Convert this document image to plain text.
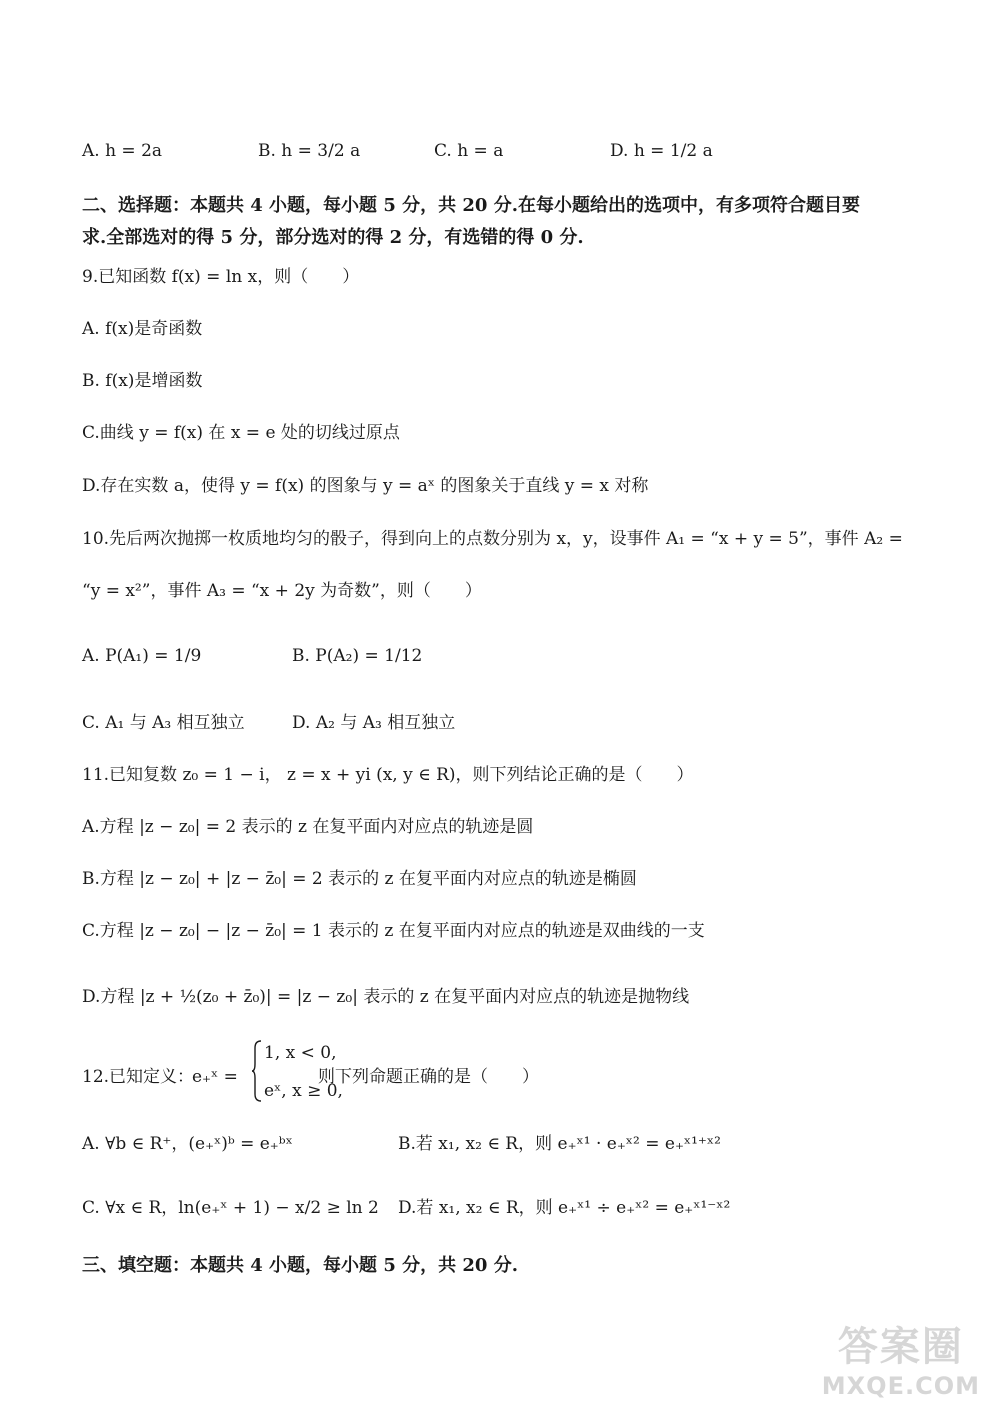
A. h = 2a	B. h = 3/2 a	C. h = a	D. h = 1/2 a
二、选择题：本题共 4 小题，每小题 5 分，共 20 分.在每小题给出的选项中，有多项符合题目要
求.全部选对的得 5 分，部分选对的得 2 分，有选错的得 0 分.
9.已知函数 f(x) = ln x，则（　　）
A. f(x)是奇函数
B. f(x)是增函数
C.曲线 y = f(x) 在 x = e 处的切线过原点
D.存在实数 a，使得 y = f(x) 的图象与 y = aˣ 的图象关于直线 y = x 对称
10.先后两次抛掷一枚质地均匀的骰子，得到向上的点数分别为 x，y，设事件 A₁ = “x + y = 5”，事件 A₂ =
“y = x²”，事件 A₃ = “x + 2y 为奇数”，则（　　）
A. P(A₁) = 1/9	B. P(A₂) = 1/12
C. A₁ 与 A₃ 相互独立	D. A₂ 与 A₃ 相互独立
11.已知复数 z₀ = 1 − i， z = x + yi (x, y ∈ R)，则下列结论正确的是（　　）
A.方程 |z − z₀| = 2 表示的 z 在复平面内对应点的轨迹是圆
B.方程 |z − z₀| + |z − z̄₀| = 2 表示的 z 在复平面内对应点的轨迹是椭圆
C.方程 |z − z₀| − |z − z̄₀| = 1 表示的 z 在复平面内对应点的轨迹是双曲线的一支
D.方程 |z + ½(z₀ + z̄₀)| = |z − z₀| 表示的 z 在复平面内对应点的轨迹是抛物线
12.已知定义：
e₊ˣ =
1, x < 0,
eˣ, x ≥ 0,
则下列命题正确的是（　　）
A. ∀b ∈ R⁺，(e₊ˣ)ᵇ = e₊ᵇˣ	B.若 x₁, x₂ ∈ R，则 e₊ˣ¹ · e₊ˣ² = e₊ˣ¹⁺ˣ²
C. ∀x ∈ R，ln(e₊ˣ + 1) − x/2 ≥ ln 2 D.若 x₁, x₂ ∈ R，则 e₊ˣ¹ ÷ e₊ˣ² = e₊ˣ¹⁻ˣ²
三、填空题：本题共 4 小题，每小题 5 分，共 20 分.
答案圈
MXQE.COM
